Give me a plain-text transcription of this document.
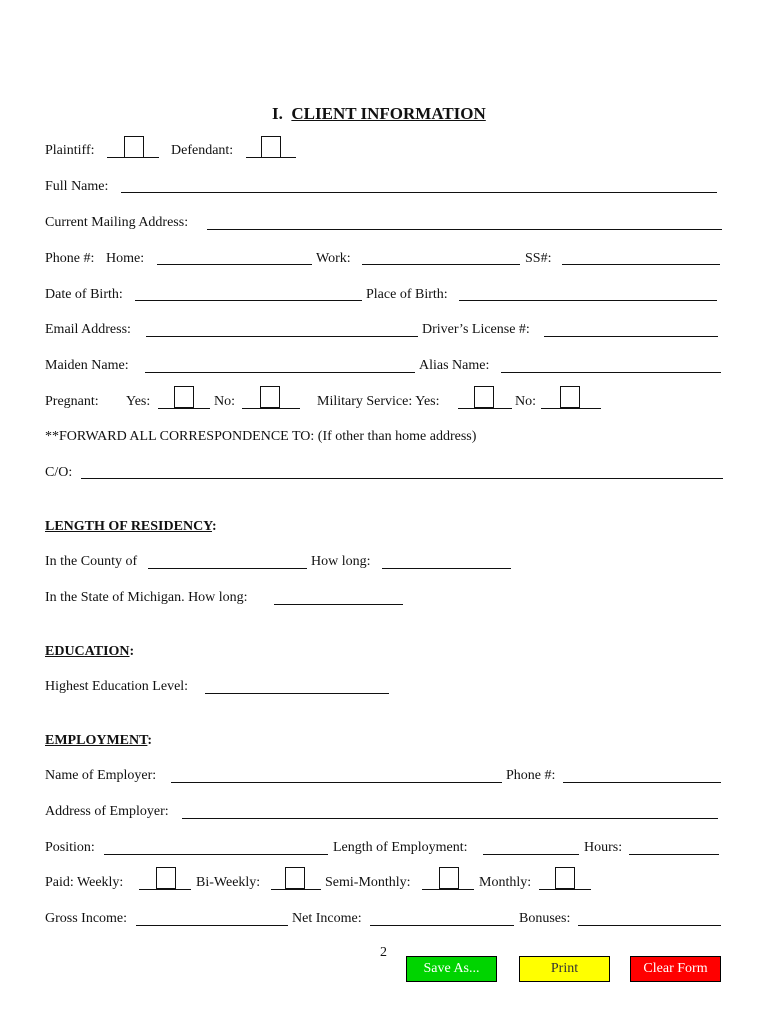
I. CLIENT INFORMATION
Plaintiff:	Defendant:
Full Name:
Current Mailing Address:
Phone #: Home:	Work:	SS#:
Date of Birth:	Place of Birth:
Email Address:	Driver’s License #:
Maiden Name:	Alias Name:
Pregnant: Yes:	No:	Military Service: Yes:	No:
**FORWARD ALL CORRESPONDENCE TO: (If other than home address)
C/O:
LENGTH OF RESIDENCY:
In the County of	How long:
In the State of Michigan. How long:
EDUCATION:
Highest Education Level:
EMPLOYMENT:
Name of Employer:	Phone #:
Address of Employer:
Position:	Length of Employment:	Hours:
Paid: Weekly:	Bi-Weekly:	Semi-Monthly:	Monthly:
Gross Income:	Net Income:	Bonuses:
2
Save As...	Print	Clear Form
